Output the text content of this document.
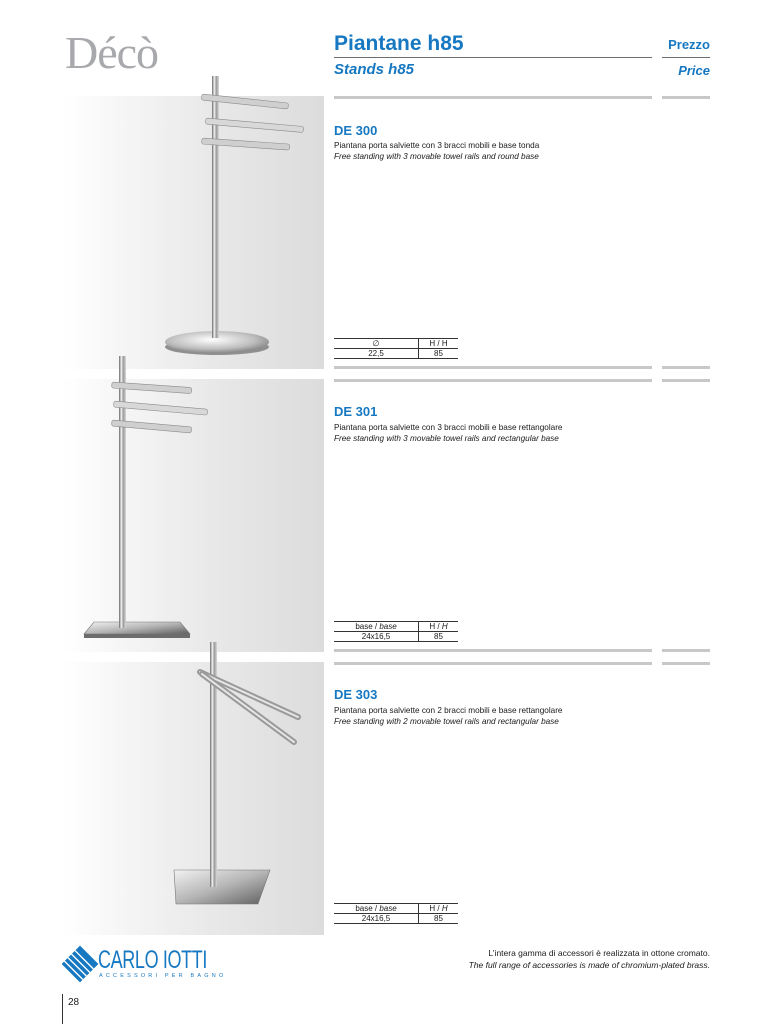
Décò	Piantane h85
Stands h85
Prezzo
Price
DE 300
Piantana porta salviette con 3 bracci mobili e base tonda
Free standing with 3 movable towel rails and round base
∅	H / H
22,5	85
DE 301
Piantana porta salviette con 3 bracci mobili e base rettangolare
Free standing with 3 movable towel rails and rectangular base
base / base	H / H
24x16,5	85
DE 303
Piantana porta salviette con 2 bracci mobili e base rettangolare
Free standing with 2 movable towel rails and rectangular base
base / base	H / H
24x16,5	85
CARLO IOTTI
ACCESSORI PER BAGNO
L’intera gamma di accessori è realizzata in ottone cromato.
The full range of accessories is made of chromium-plated brass.
28
